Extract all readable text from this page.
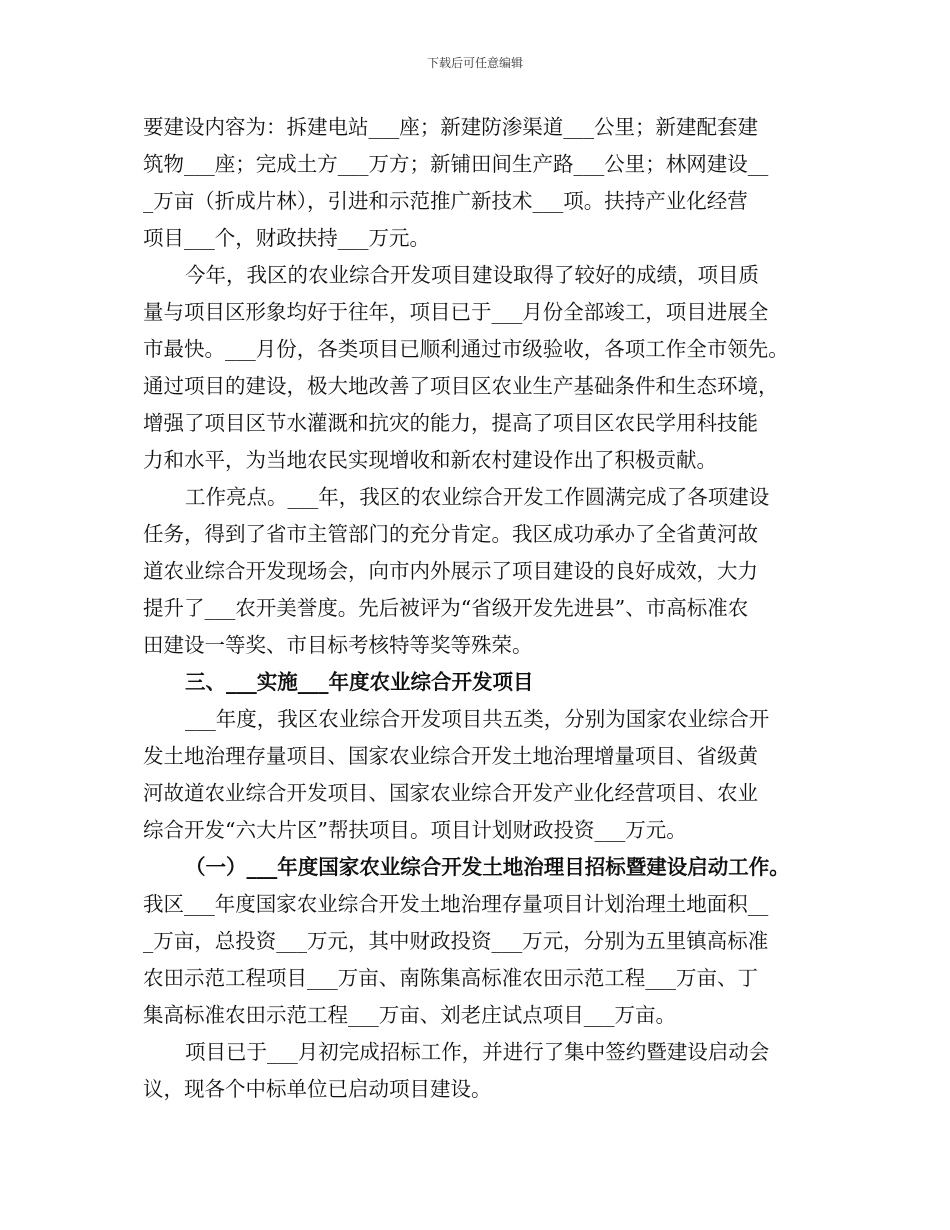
下载后可任意编辑
要建设内容为：拆建电站___座；新建防渗渠道___公里；新建配套建
筑物___座；完成土方___万方；新铺田间生产路___公里；林网建设__
_万亩（折成片林），引进和示范推广新技术___项。扶持产业化经营
项目___个，财政扶持___万元。
今年，我区的农业综合开发项目建设取得了较好的成绩，项目质
量与项目区形象均好于往年，项目已于___月份全部竣工，项目进展全
市最快。___月份，各类项目已顺利通过市级验收，各项工作全市领先。
通过项目的建设，极大地改善了项目区农业生产基础条件和生态环境，
增强了项目区节水灌溉和抗灾的能力，提高了项目区农民学用科技能
力和水平，为当地农民实现增收和新农村建设作出了积极贡献。
工作亮点。___年，我区的农业综合开发工作圆满完成了各项建设
任务，得到了省市主管部门的充分肯定。我区成功承办了全省黄河故
道农业综合开发现场会，向市内外展示了项目建设的良好成效，大力
提升了___农开美誉度。先后被评为“省级开发先进县”、市高标准农
田建设一等奖、市目标考核特等奖等殊荣。
三、___实施___年度农业综合开发项目
___年度，我区农业综合开发项目共五类，分别为国家农业综合开
发土地治理存量项目、国家农业综合开发土地治理增量项目、省级黄
河故道农业综合开发项目、国家农业综合开发产业化经营项目、农业
综合开发“六大片区”帮扶项目。项目计划财政投资___万元。
（一）___年度国家农业综合开发土地治理目招标暨建设启动工作。
我区___年度国家农业综合开发土地治理存量项目计划治理土地面积__
_万亩，总投资___万元，其中财政投资___万元，分别为五里镇高标准
农田示范工程项目___万亩、南陈集高标准农田示范工程___万亩、丁
集高标准农田示范工程___万亩、刘老庄试点项目___万亩。
项目已于___月初完成招标工作，并进行了集中签约暨建设启动会
议，现各个中标单位已启动项目建设。
